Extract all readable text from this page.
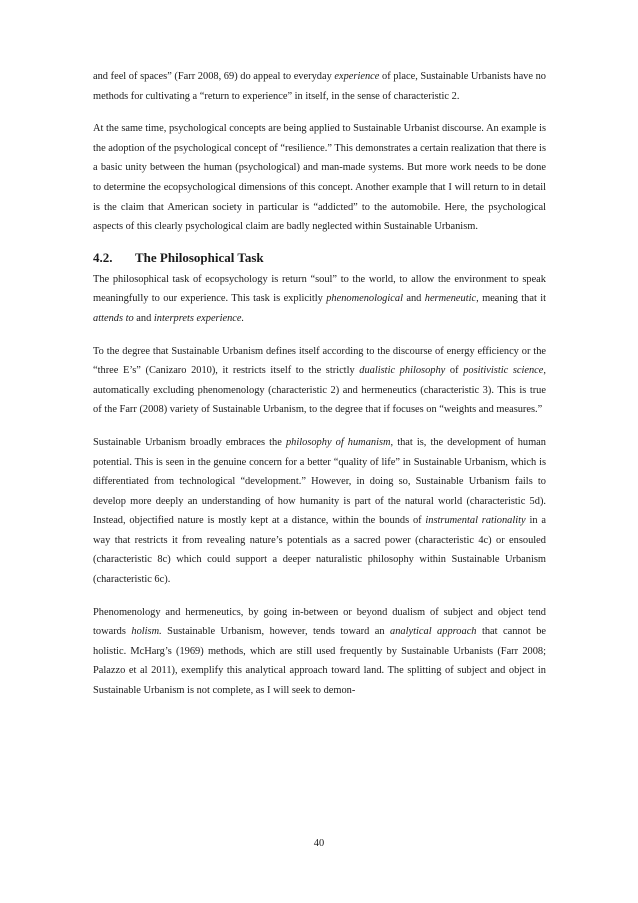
and feel of spaces” (Farr 2008, 69) do appeal to everyday experience of place, Sustainable Urbanists have no methods for cultivating a “return to experience” in itself, in the sense of characteristic 2.

At the same time, psychological concepts are being applied to Sustainable Urbanist discourse. An example is the adoption of the psychological concept of “resilience.” This demonstrates a certain realization that there is a basic unity between the human (psychological) and man-made systems. But more work needs to be done to determine the ecopsychological dimensions of this concept. Another example that I will return to in detail is the claim that American society in particular is “addicted” to the automobile. Here, the psychological aspects of this clearly psychological claim are badly neglected within Sustainable Urbanism.

4.2.	The Philosophical Task

The philosophical task of ecopsychology is return “soul” to the world, to allow the environment to speak meaningfully to our experience. This task is explicitly phenomenological and hermeneutic, meaning that it attends to and interprets experience.

To the degree that Sustainable Urbanism defines itself according to the discourse of energy efficiency or the “three E’s” (Canizaro 2010), it restricts itself to the strictly dualistic philosophy of positivistic science, automatically excluding phenomenology (characteristic 2) and hermeneutics (characteristic 3). This is true of the Farr (2008) variety of Sustainable Urbanism, to the degree that if focuses on “weights and measures.”

Sustainable Urbanism broadly embraces the philosophy of humanism, that is, the development of human potential. This is seen in the genuine concern for a better “quality of life” in Sustainable Urbanism, which is differentiated from technological “development.” However, in doing so, Sustainable Urbanism fails to develop more deeply an understanding of how humanity is part of the natural world (characteristic 5d). Instead, objectified nature is mostly kept at a distance, within the bounds of instrumental rationality in a way that restricts it from revealing nature’s potentials as a sacred power (characteristic 4c) or ensouled (characteristic 8c) which could support a deeper naturalistic philosophy within Sustainable Urbanism (characteristic 6c).

Phenomenology and hermeneutics, by going in-between or beyond dualism of subject and object tend towards holism. Sustainable Urbanism, however, tends toward an analytical approach that cannot be holistic. McHarg’s (1969) methods, which are still used frequently by Sustainable Urbanists (Farr 2008; Palazzo et al 2011), exemplify this analytical approach toward land. The splitting of subject and object in Sustainable Urbanism is not complete, as I will seek to demon-

40
